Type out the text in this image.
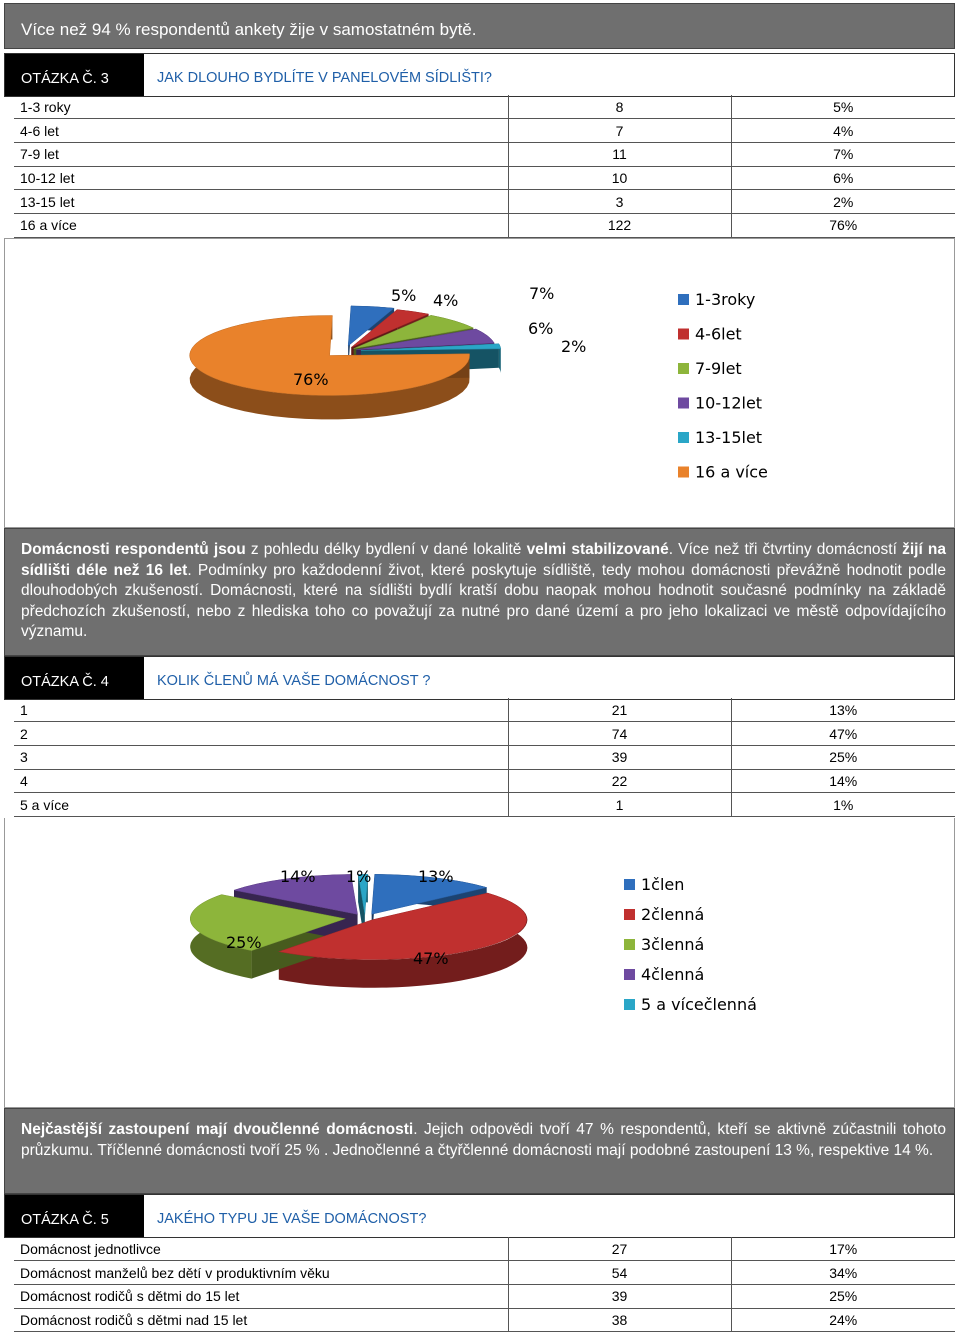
Více než 94 % respondentů ankety žije v samostatném bytě.
OTÁZKA Č. 3	JAK DLOUHO BYDLÍTE V PANELOVÉM SÍDLIŠTI?
1-3 roky	8	5%
4-6 let	7	4%
7-9 let	11	7%
10-12 let	10	6%
13-15 let	3	2%
16 a více	122	76%
5% 4%	7%
6%
2%
76%
1-3roky
4-6let
7-9let
10-12let
13-15let
16 a více
Domácnosti respondentů jsou z pohledu délky bydlení v dané lokalitě velmi stabilizované. Více než tři čtvrtiny domácností žijí na sídlišti déle než 16 let. Podmínky pro každodenní život, které poskytuje sídliště, tedy mohou domácnosti převážně hodnotit podle dlouhodobých zkušeností. Domácnosti, které na sídlišti bydlí kratší dobu naopak mohou hodnotit současné podmínky na základě předchozích zkušeností, nebo z hlediska toho co považují za nutné pro dané území a pro jeho lokalizaci ve městě odpovídajícího významu.
OTÁZKA Č. 4	KOLIK ČLENŮ MÁ VAŠE DOMÁCNOST ?
1	21	13%
2	74	47%
3	39	25%
4	22	14%
5 a více	1	1%
13%
47%
25%
14% 1%	1člen
2členná
3členná
4členná
5 a vícečlenná
Nejčastější zastoupení mají dvoučlenné domácnosti. Jejich odpovědi tvoří 47 % respondentů, kteří se aktivně zúčastnili tohoto průzkumu. Tříčlenné domácnosti tvoří 25 % . Jednočlenné a čtyřčlenné domácnosti mají podobné zastoupení 13 %, respektive 14 %.
OTÁZKA Č. 5	JAKÉHO TYPU JE VAŠE DOMÁCNOST?
Domácnost jednotlivce	27	17%
Domácnost manželů bez dětí v produktivním věku	54	34%
Domácnost rodičů s dětmi do 15 let	39	25%
Domácnost rodičů s dětmi nad 15 let	38	24%
